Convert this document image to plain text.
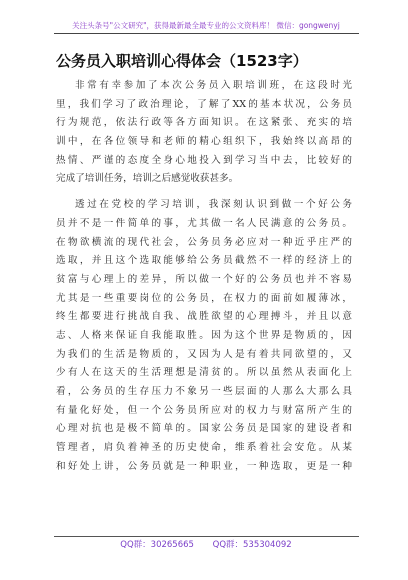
关注头条号"公文研究"，获得最新最全最专业的公文资料库！ 微信：gongwenyj
公务员入职培训心得体会（1523字）
非常有幸参加了本次公务员入职培训班，在这段时光
里，我们学习了政治理论，了解了XX的基本状况，公务员
行为规范，依法行政等各方面知识。在这紧张、充实的培
训中，在各位领导和老师的精心组织下，我始终以高昂的
热情、严谨的态度全身心地投入到学习当中去，比较好的
完成了培训任务，培训之后感觉收获甚多。
透过在党校的学习培训，我深刻认识到做一个好公务
员并不是一件简单的事，尤其做一名人民满意的公务员。
在物欲横流的现代社会，公务员务必应对一种近乎庄严的
选取，并且这个选取能够给公务员截然不一样的经济上的
贫富与心理上的差异，所以做一个好的公务员也并不容易
尤其是一些重要岗位的公务员，在权力的面前如履薄冰，
终生都要进行挑战自我、战胜欲望的心理搏斗，并且以意
志、人格来保证自我能取胜。因为这个世界是物质的，因
为我们的生活是物质的，又因为人是有着共同欲望的，又
少有人在这天的生活理想是清贫的。所以虽然从表面化上
看，公务员的生存压力不象另一些层面的人那么大那么具
有量化好处，但一个公务员所应对的权力与财富所产生的
心理对抗也是极不简单的。国家公务员是国家的建设者和
管理者，肩负着神圣的历史使命，维系着社会安危。从某
和好处上讲，公务员就是一种职业，一种选取，更是一种
QQ群：30265665 QQ群：535304092
